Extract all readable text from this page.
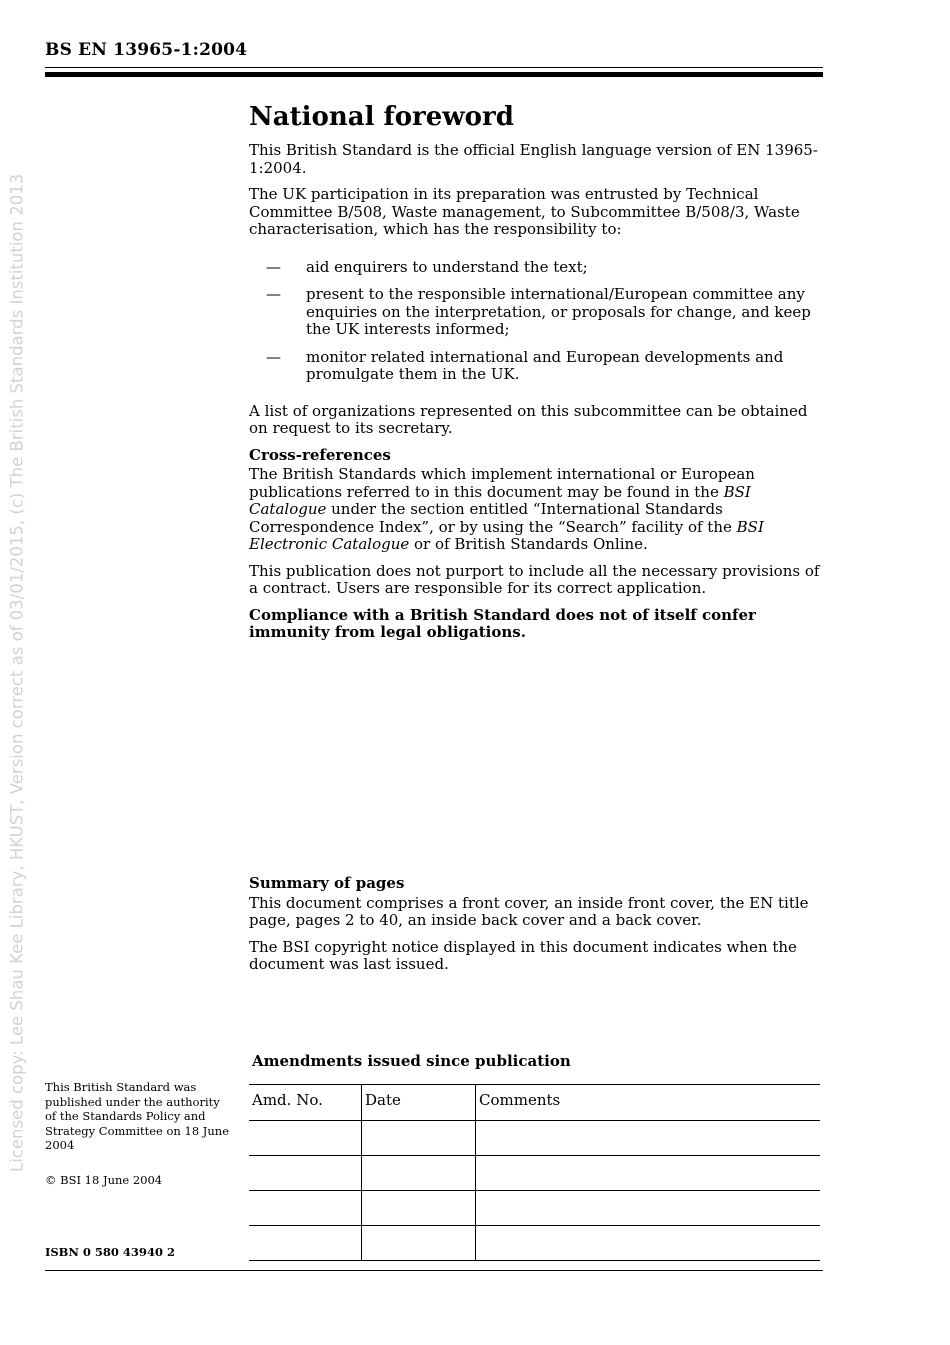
BS EN 13965-1:2004
Licensed copy: Lee Shau Kee Library, HKUST, Version correct as of 03/01/2015, (c) The British Standards Institution 2013
National foreword

This British Standard is the official English language version of EN 13965-1:2004.

The UK participation in its preparation was entrusted by Technical Committee B/508, Waste management, to Subcommittee B/508/3, Waste characterisation, which has the responsibility to:

—	aid enquirers to understand the text;
—	present to the responsible international/European committee any enquiries on the interpretation, or proposals for change, and keep the UK interests informed;
—	monitor related international and European developments and promulgate them in the UK.

A list of organizations represented on this subcommittee can be obtained on request to its secretary.

Cross-references

The British Standards which implement international or European publications referred to in this document may be found in the BSI Catalogue under the section entitled “International Standards Correspondence Index”, or by using the “Search” facility of the BSI Electronic Catalogue or of British Standards Online.

This publication does not purport to include all the necessary provisions of a contract. Users are responsible for its correct application.

Compliance with a British Standard does not of itself confer immunity from legal obligations.

Summary of pages

This document comprises a front cover, an inside front cover, the EN title page, pages 2 to 40, an inside back cover and a back cover.

The BSI copyright notice displayed in this document indicates when the document was last issued.

This British Standard was published under the authority of the Standards Policy and Strategy Committee on 18 June 2004
© BSI 18 June 2004
ISBN 0 580 43940 2
Amendments issued since publication
Amd. No.	Date	Comments
